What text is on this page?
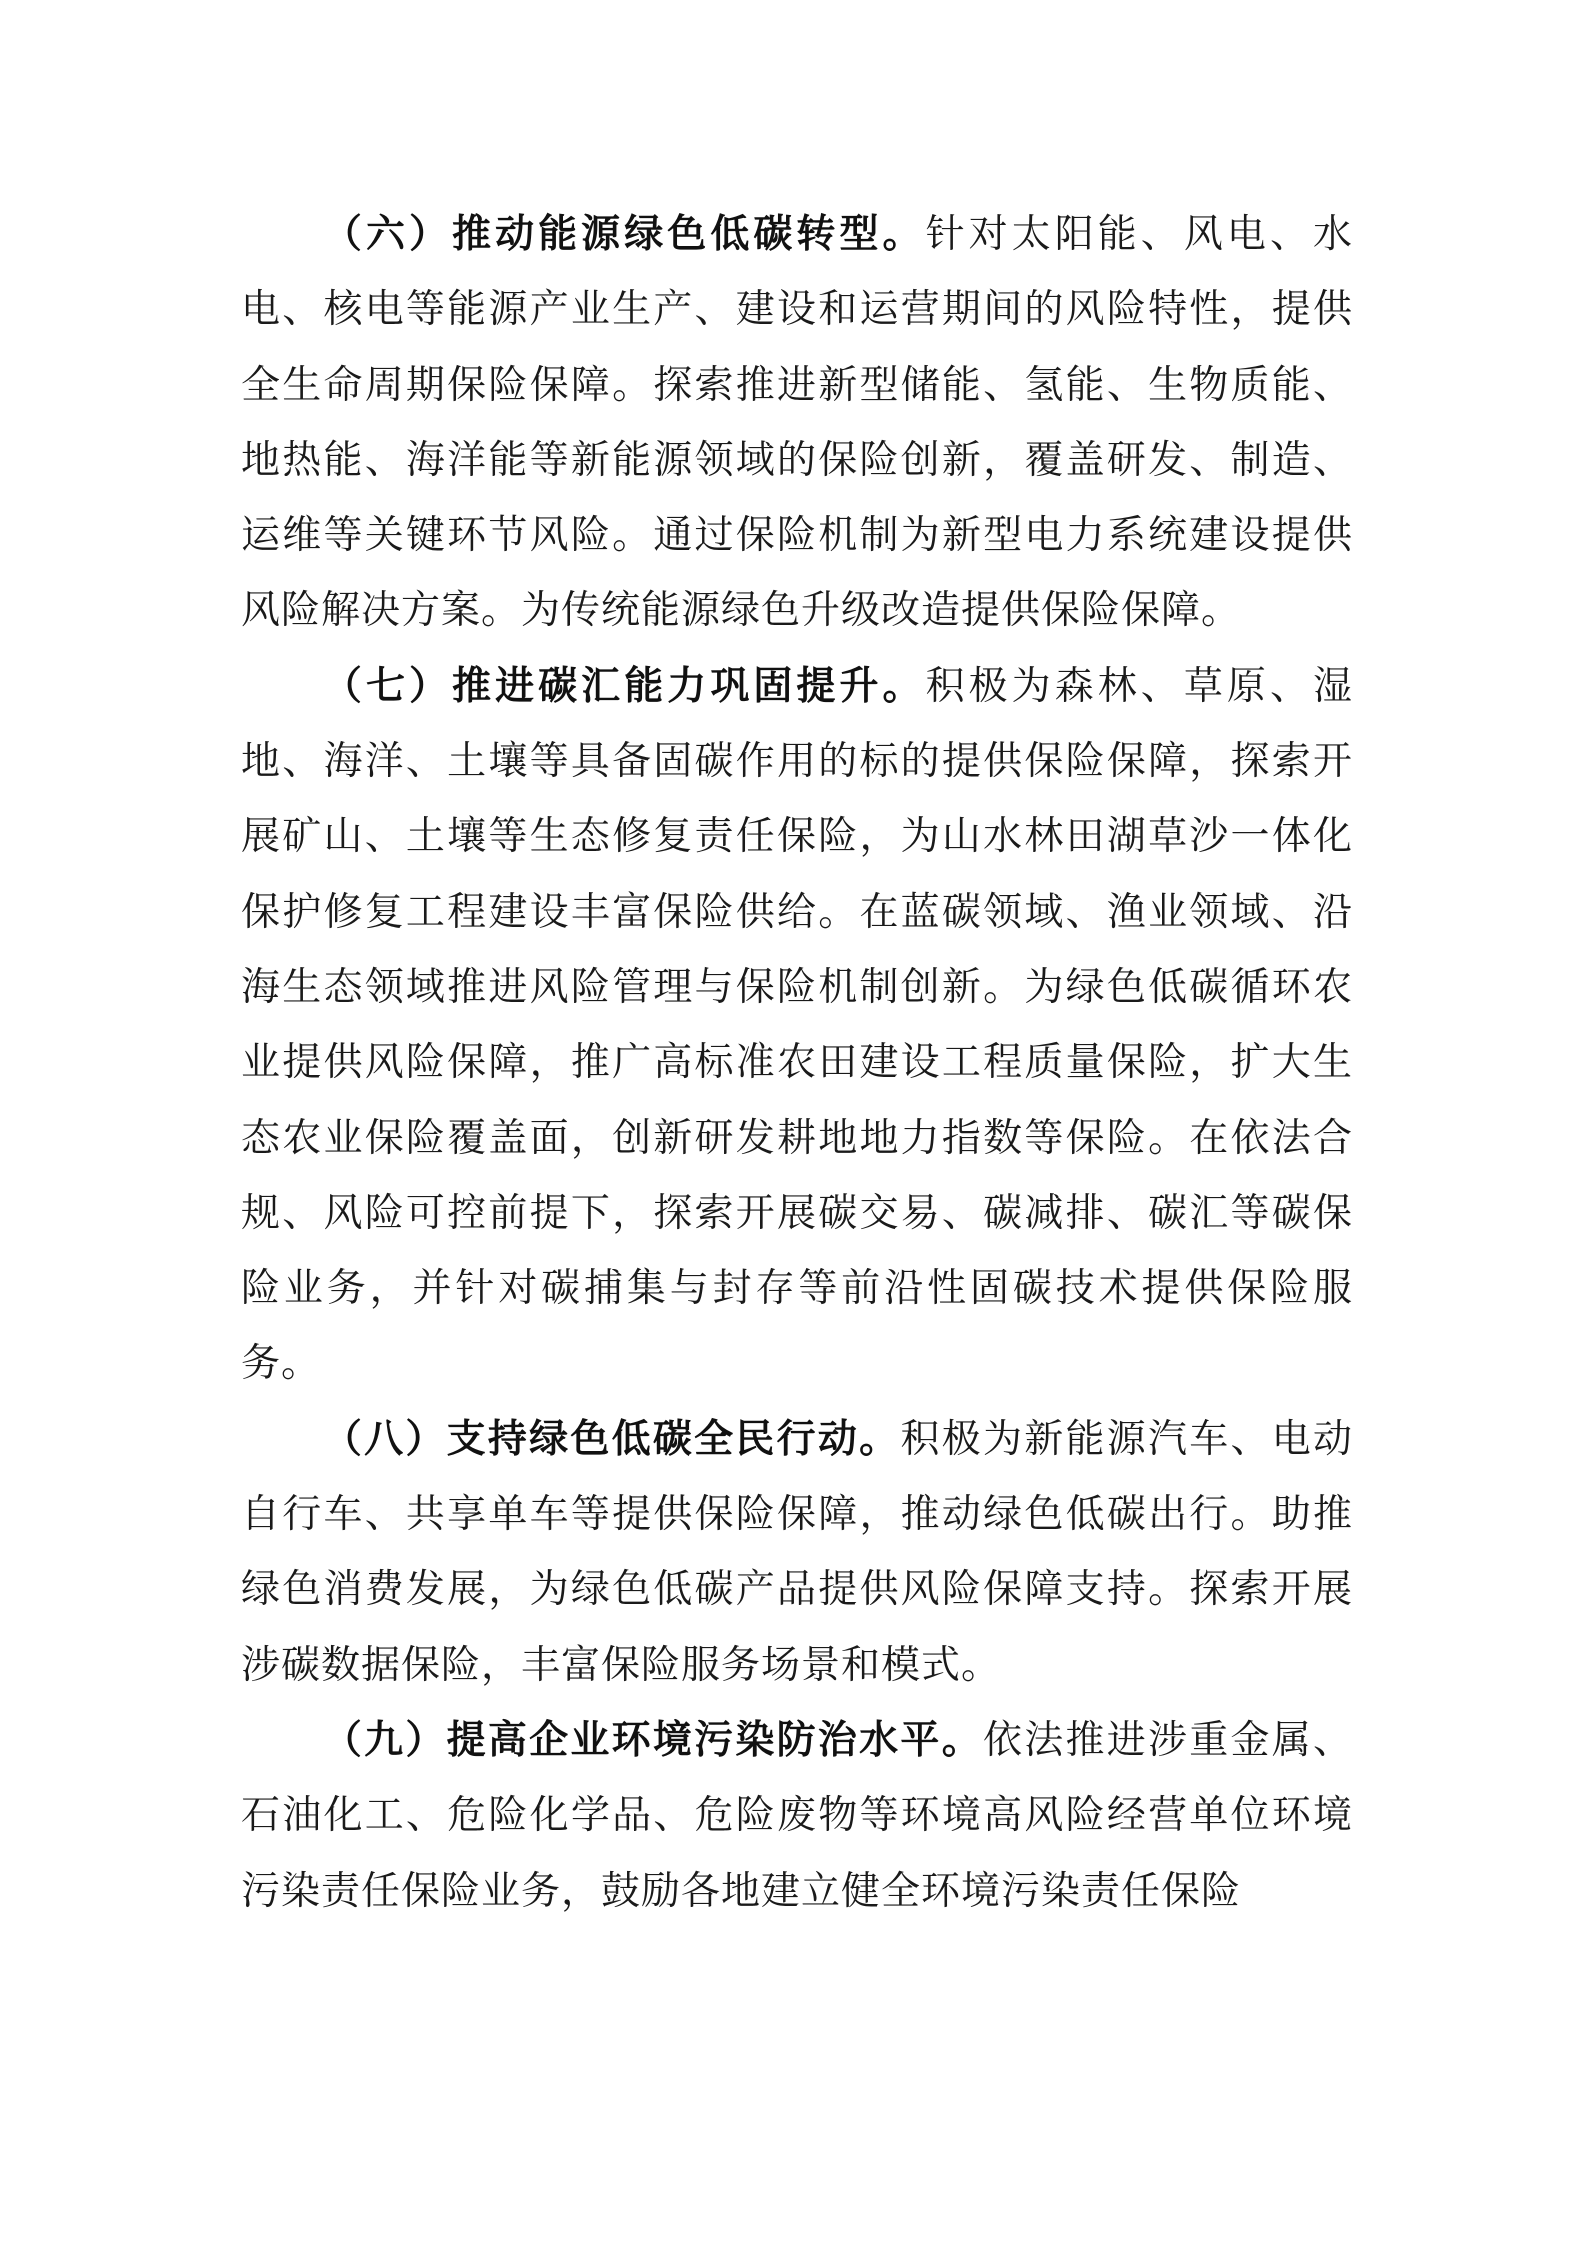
（六）推动能源绿色低碳转型。针对太阳能、风电、水电、核电等能源产业生产、建设和运营期间的风险特性，提供全生命周期保险保障。探索推进新型储能、氢能、生物质能、地热能、海洋能等新能源领域的保险创新，覆盖研发、制造、运维等关键环节风险。通过保险机制为新型电力系统建设提供风险解决方案。为传统能源绿色升级改造提供保险保障。

（七）推进碳汇能力巩固提升。积极为森林、草原、湿地、海洋、土壤等具备固碳作用的标的提供保险保障，探索开展矿山、土壤等生态修复责任保险，为山水林田湖草沙一体化保护修复工程建设丰富保险供给。在蓝碳领域、渔业领域、沿海生态领域推进风险管理与保险机制创新。为绿色低碳循环农业提供风险保障，推广高标准农田建设工程质量保险，扩大生态农业保险覆盖面，创新研发耕地地力指数等保险。在依法合规、风险可控前提下，探索开展碳交易、碳减排、碳汇等碳保险业务，并针对碳捕集与封存等前沿性固碳技术提供保险服务。

（八）支持绿色低碳全民行动。积极为新能源汽车、电动自行车、共享单车等提供保险保障，推动绿色低碳出行。助推绿色消费发展，为绿色低碳产品提供风险保障支持。探索开展涉碳数据保险，丰富保险服务场景和模式。

（九）提高企业环境污染防治水平。依法推进涉重金属、石油化工、危险化学品、危险废物等环境高风险经营单位环境污染责任保险业务，鼓励各地建立健全环境污染责任保险
